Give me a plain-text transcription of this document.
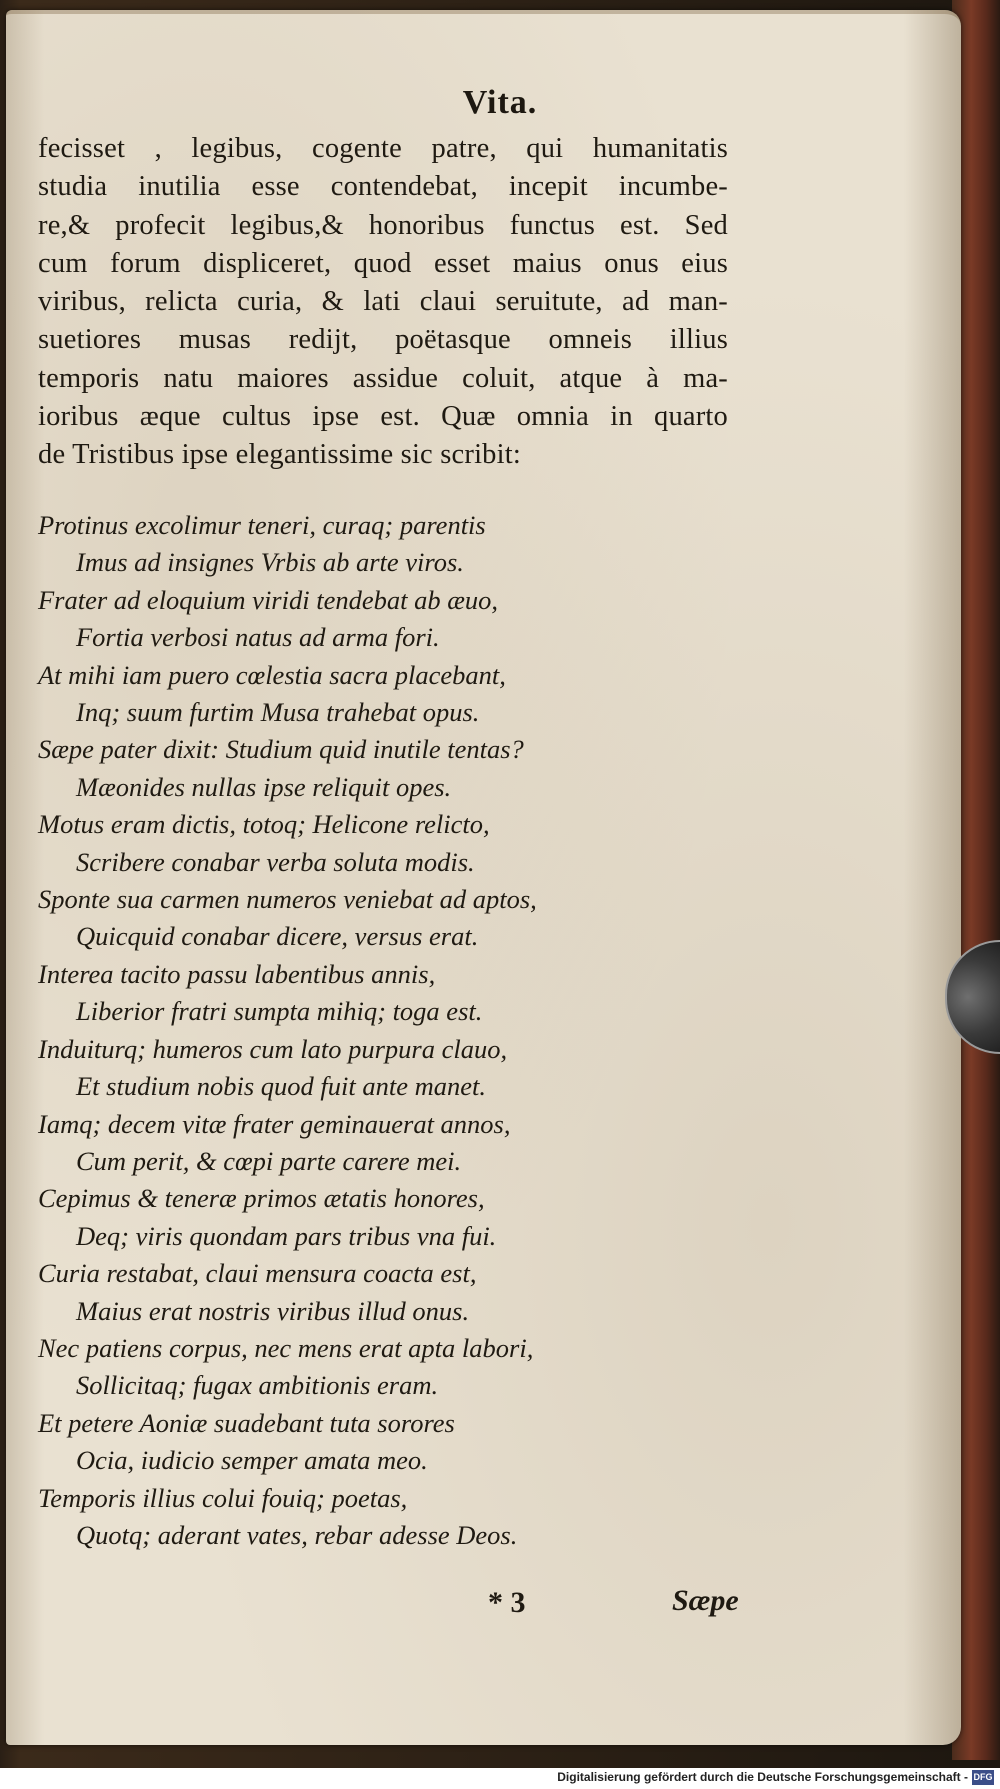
Vita.
fecisset , legibus, cogente patre, qui humanitatis
studia inutilia esse contendebat, incepit incumbe-
re,& profecit legibus,& honoribus functus est. Sed
cum forum displiceret, quod esset maius onus eius
viribus, relicta curia, & lati claui seruitute, ad man-
suetiores musas redijt, poëtasque omneis illius
temporis natu maiores assidue coluit, atque à ma-
ioribus æque cultus ipse est. Quæ omnia in quarto
de Tristibus ipse elegantissime sic scribit:
Protinus excolimur teneri, curaq; parentis
Imus ad insignes Vrbis ab arte viros.
Frater ad eloquium viridi tendebat ab æuo,
Fortia verbosi natus ad arma fori.
At mihi iam puero cœlestia sacra placebant,
Inq; suum furtim Musa trahebat opus.
Sæpe pater dixit: Studium quid inutile tentas?
Mæonides nullas ipse reliquit opes.
Motus eram dictis, totoq; Helicone relicto,
Scribere conabar verba soluta modis.
Sponte sua carmen numeros veniebat ad aptos,
Quicquid conabar dicere, versus erat.
Interea tacito passu labentibus annis,
Liberior fratri sumpta mihiq; toga est.
Induiturq; humeros cum lato purpura clauo,
Et studium nobis quod fuit ante manet.
Iamq; decem vitæ frater geminauerat annos,
Cum perit, & cœpi parte carere mei.
Cepimus & teneræ primos ætatis honores,
Deq; viris quondam pars tribus vna fui.
Curia restabat, claui mensura coacta est,
Maius erat nostris viribus illud onus.
Nec patiens corpus, nec mens erat apta labori,
Sollicitaq; fugax ambitionis eram.
Et petere Aoniæ suadebant tuta sorores
Ocia, iudicio semper amata meo.
Temporis illius colui fouiq; poetas,
Quotq; aderant vates, rebar adesse Deos.
* 3	Sæpe
Digitalisierung gefördert durch die Deutsche Forschungsgemeinschaft - DFG
